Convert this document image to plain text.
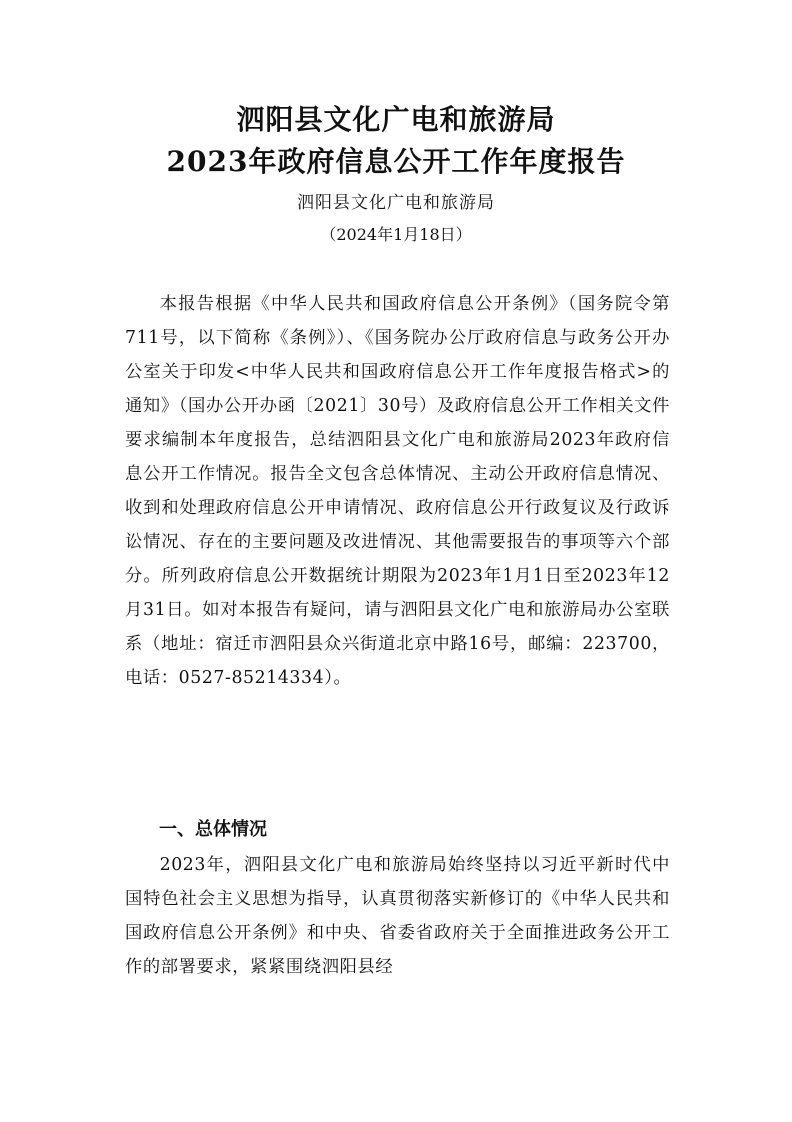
泗阳县文化广电和旅游局
2023年政府信息公开工作年度报告
泗阳县文化广电和旅游局
（2024年1月18日）

本报告根据《中华人民共和国政府信息公开条例》（国务院令第711号，以下简称《条例》）、《国务院办公厅政府信息与政务公开办公室关于印发<中华人民共和国政府信息公开工作年度报告格式>的通知》（国办公开办函〔2021〕30号）及政府信息公开工作相关文件要求编制本年度报告，总结泗阳县文化广电和旅游局2023年政府信息公开工作情况。报告全文包含总体情况、主动公开政府信息情况、收到和处理政府信息公开申请情况、政府信息公开行政复议及行政诉讼情况、存在的主要问题及改进情况、其他需要报告的事项等六个部分。所列政府信息公开数据统计期限为2023年1月1日至2023年12月31日。如对本报告有疑问，请与泗阳县文化广电和旅游局办公室联系（地址：宿迁市泗阳县众兴街道北京中路16号，邮编：223700，电话：0527-85214334）。

一、总体情况

2023年，泗阳县文化广电和旅游局始终坚持以习近平新时代中国特色社会主义思想为指导，认真贯彻落实新修订的《中华人民共和国政府信息公开条例》和中央、省委省政府关于全面推进政务公开工作的部署要求，紧紧围绕泗阳县经
